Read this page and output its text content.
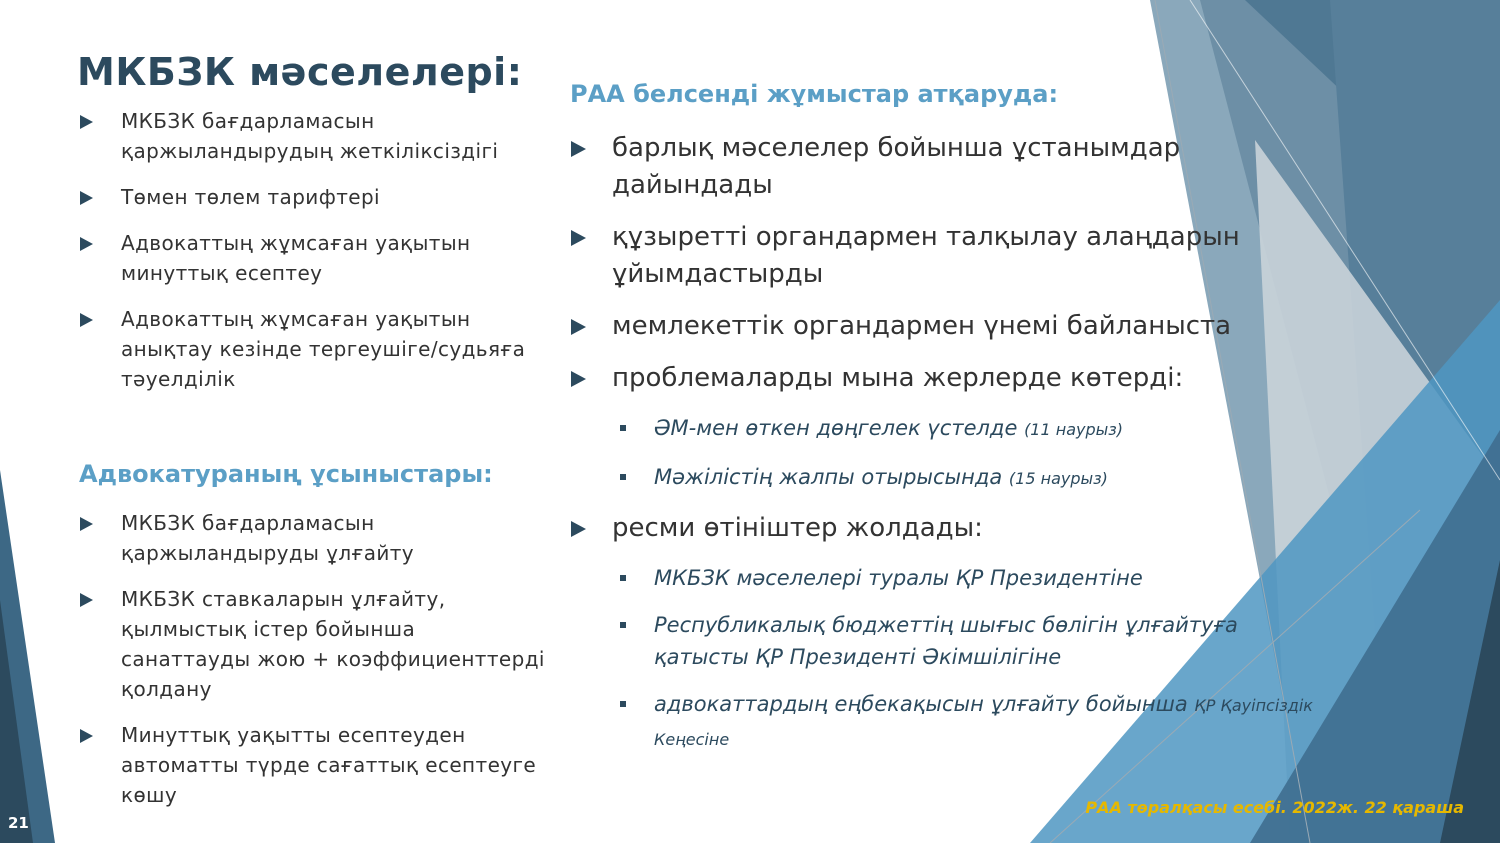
МКБЗК мәселелері:
МКБЗК бағдарламасын қаржыландырудың жеткіліксіздігі
Төмен төлем тарифтері
Адвокаттың жұмсаған уақытын минуттық есептеу
Адвокаттың жұмсаған уақытын анықтау кезінде тергеушіге/судьяға тәуелділік
Адвокатураның ұсыныстары:
МКБЗК бағдарламасын қаржыландыруды ұлғайту
МКБЗК ставкаларын ұлғайту, қылмыстық істер бойынша санаттауды жою + коэффициенттерді қолдану
Минуттық уақытты есептеуден автоматты түрде сағаттық есептеуге көшу
РАА белсенді жұмыстар атқаруда:
барлық мәселелер бойынша ұстанымдар дайындады
құзыретті органдармен талқылау алаңдарын ұйымдастырды
мемлекеттік органдармен үнемі байланыста
проблемаларды мына жерлерде көтерді:
ӘМ-мен өткен дөңгелек үстелде (11 наурыз)
Мәжілістің жалпы отырысында (15 наурыз)
ресми өтініштер жолдады:
МКБЗК мәселелері туралы ҚР Президентіне
Республикалық бюджеттің шығыс бөлігін ұлғайтуға қатысты ҚР Президенті Әкімшілігіне
адвокаттардың еңбекақысын ұлғайту бойынша ҚР Қауіпсіздік Кеңесіне
РАА төралқасы есебі. 2022ж. 22 қараша
21
